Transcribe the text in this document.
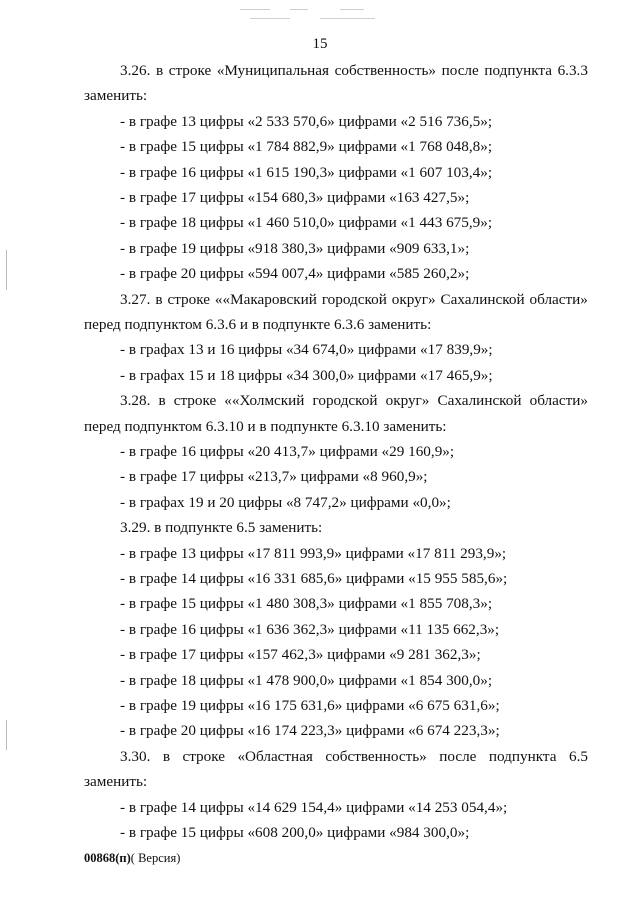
15
3.26. в строке «Муниципальная собственность» после подпункта 6.3.3
заменить:
- в графе 13 цифры «2 533 570,6» цифрами «2 516 736,5»;
- в графе 15 цифры «1 784 882,9» цифрами «1 768 048,8»;
- в графе 16 цифры «1 615 190,3» цифрами «1 607 103,4»;
- в графе 17 цифры «154 680,3» цифрами «163 427,5»;
- в графе 18 цифры «1 460 510,0» цифрами «1 443 675,9»;
- в графе 19 цифры «918 380,3» цифрами «909 633,1»;
- в графе 20 цифры «594 007,4» цифрами «585 260,2»;
3.27. в строке ««Макаровский городской округ» Сахалинской области»
перед подпунктом 6.3.6 и в подпункте 6.3.6 заменить:
- в графах 13 и 16 цифры «34 674,0» цифрами «17 839,9»;
- в графах 15 и 18 цифры «34 300,0» цифрами «17 465,9»;
3.28. в строке ««Холмский городской округ» Сахалинской области»
перед подпунктом 6.3.10 и в подпункте 6.3.10 заменить:
- в графе 16 цифры «20 413,7» цифрами «29 160,9»;
- в графе 17 цифры «213,7» цифрами «8 960,9»;
- в графах 19 и 20 цифры «8 747,2» цифрами «0,0»;
3.29. в подпункте 6.5 заменить:
- в графе 13 цифры «17 811 993,9» цифрами «17 811 293,9»;
- в графе 14 цифры «16 331 685,6» цифрами «15 955 585,6»;
- в графе 15 цифры «1 480 308,3» цифрами «1 855 708,3»;
- в графе 16 цифры «1 636 362,3» цифрами «11 135 662,3»;
- в графе 17 цифры «157 462,3» цифрами «9 281 362,3»;
- в графе 18 цифры «1 478 900,0» цифрами «1 854 300,0»;
- в графе 19 цифры «16 175 631,6» цифрами «6 675 631,6»;
- в графе 20 цифры «16 174 223,3» цифрами «6 674 223,3»;
3.30. в строке «Областная собственность» после подпункта 6.5
заменить:
- в графе 14 цифры «14 629 154,4» цифрами «14 253 054,4»;
- в графе 15 цифры «608 200,0» цифрами «984 300,0»;
00868(п)( Версия)
